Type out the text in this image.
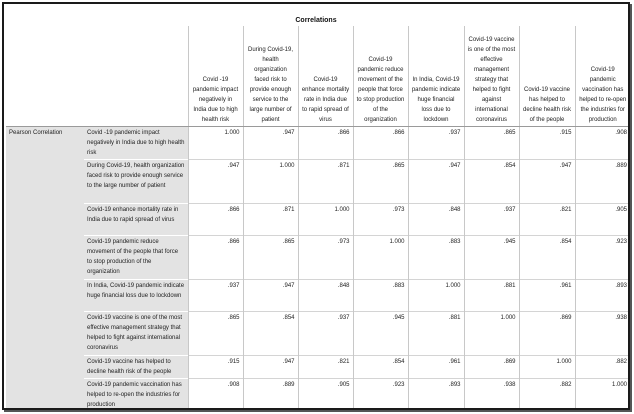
Correlations
		Covid -19 pandemic impact negatively in India due to high health risk	During Covid-19, health organization faced risk to provide enough service to the large number of patient	Covid-19 enhance mortality rate in India due to rapid spread of virus	Covid-19 pandemic reduce movement of the people that force to stop production of the organization	In India, Covid-19 pandemic indicate huge financial loss due to lockdown	Covid-19 vaccine is one of the most effective management strategy that helped to fight against international coronavirus	Covid-19 vaccine has helped to decline health risk of the people	Covid-19 pandemic vaccination has helped to re-open the industries for production
Pearson Correlation	Covid -19 pandemic impact negatively in India due to high health risk	1.000	.947	.866	.866	.937	.865	.915	.908
	During Covid-19, health organization faced risk to provide enough service to the large number of patient	.947	1.000	.871	.865	.947	.854	.947	.889
	Covid-19 enhance mortality rate in India due to rapid spread of virus	.866	.871	1.000	.973	.848	.937	.821	.905
	Covid-19 pandemic reduce movement of the people that force to stop production of the organization	.866	.865	.973	1.000	.883	.945	.854	.923
	In India, Covid-19 pandemic indicate huge financial loss due to lockdown	.937	.947	.848	.883	1.000	.881	.961	.893
	Covid-19 vaccine is one of the most effective management strategy that helped to fight against international coronavirus	.865	.854	.937	.945	.881	1.000	.869	.938
	Covid-19 vaccine has helped to decline health risk of the people	.915	.947	.821	.854	.961	.869	1.000	.882
	Covid-19 pandemic vaccination has helped to re-open the industries for production	.908	.889	.905	.923	.893	.938	.882	1.000
